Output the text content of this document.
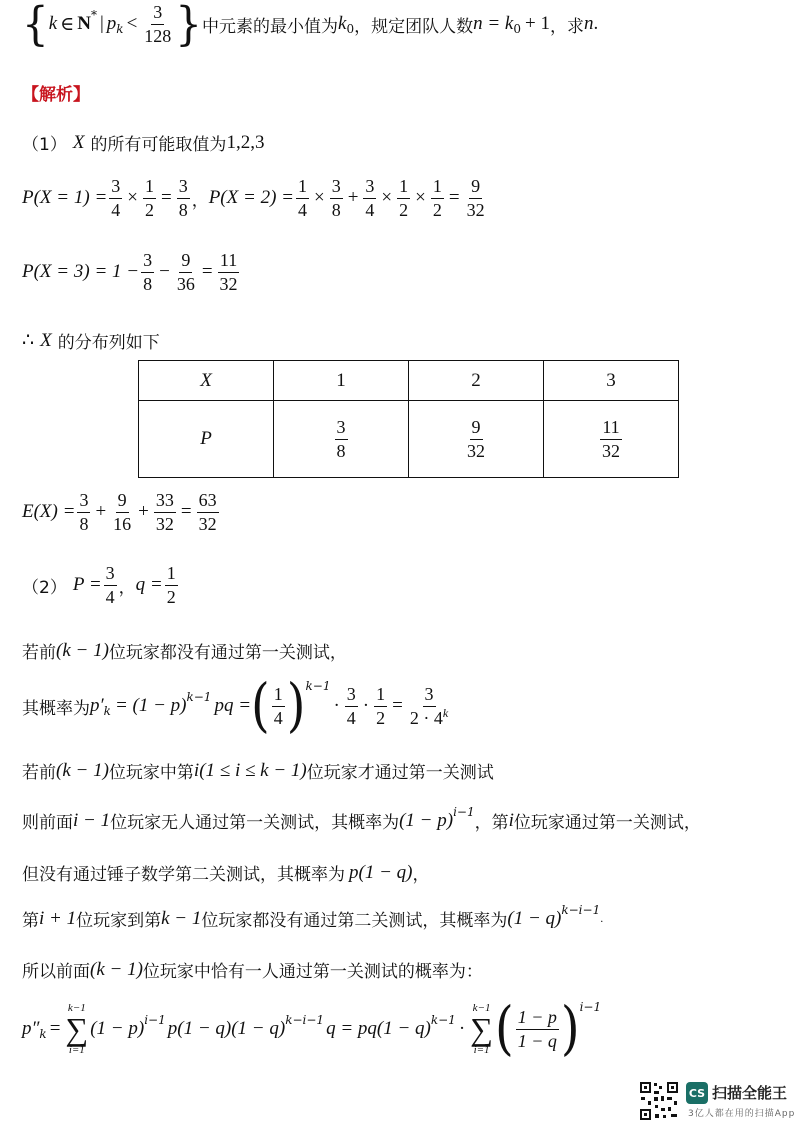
{ k ∈ N * | p $k < \frac{3}{128}$ } 中元素的最小值为 k 0 ，规定团队人数 n = k 0 + 1 ，求 n .
【解析】
（1） X 的所有可能取值为 1,2,3
$P(X = 1) = \frac{3}{4} \times \frac{1}{2} = \frac{3}{8}$ ， $P(X = 2) = \frac{1}{4} \times \frac{3}{8} + \frac{3}{4} \times \frac{1}{2} \times \frac{1}{2} = \frac{9}{32}$
$P(X = 3) = 1 - \frac{3}{8} - \frac{9}{36} = \frac{11}{32}$
∴ X 的分布列如下
X	1	2	3
P	$\frac{3}{8}$	$\frac{9}{32}$	$\frac{11}{32}$
$E(X) = \frac{3}{8} + \frac{9}{16} + \frac{33}{32} = \frac{63}{32}$
（2） $P = \frac{3}{4}$ ， $q = \frac{1}{2}$
若前 (k − 1) 位玩家都没有通过第一关测试，
其概率为 p′ k = (1 − p) k−1 pq = ( $\frac{1}{4}$ ) k−1
· $\frac{3}{4} \cdot \frac{1}{2} = \frac{3}{2 \cdot 4^k}$
若前 (k − 1) 位玩家中第 i(1 ≤ i ≤ k − 1) 位玩家才通过第一关测试
则前面 i − 1 位玩家无人通过第一关测试，其概率为 (1 − p) i−1
，第 i 位玩家通过第一关测试，
但没有通过锤子数学第二关测试，其概率为 p(1 − q) ，
第 i + 1 位玩家到第 k − 1 位玩家都没有通过第二关测试，其概率为 (1 − q) k−i−1
.
所以前面 (k − 1) 位玩家中恰有一人通过第一关测试的概率为：
p″ k =
k−1
∑
i=1
(1 − p) i−1 p(1 − q)(1 − q) k−i−1 q = pq(1 − q) k−1 ·
k−1
∑
i=1 ( $\frac{1 - p}{1 - q}$ ) i−1
CS 扫描全能王
3亿人都在用的扫描App
